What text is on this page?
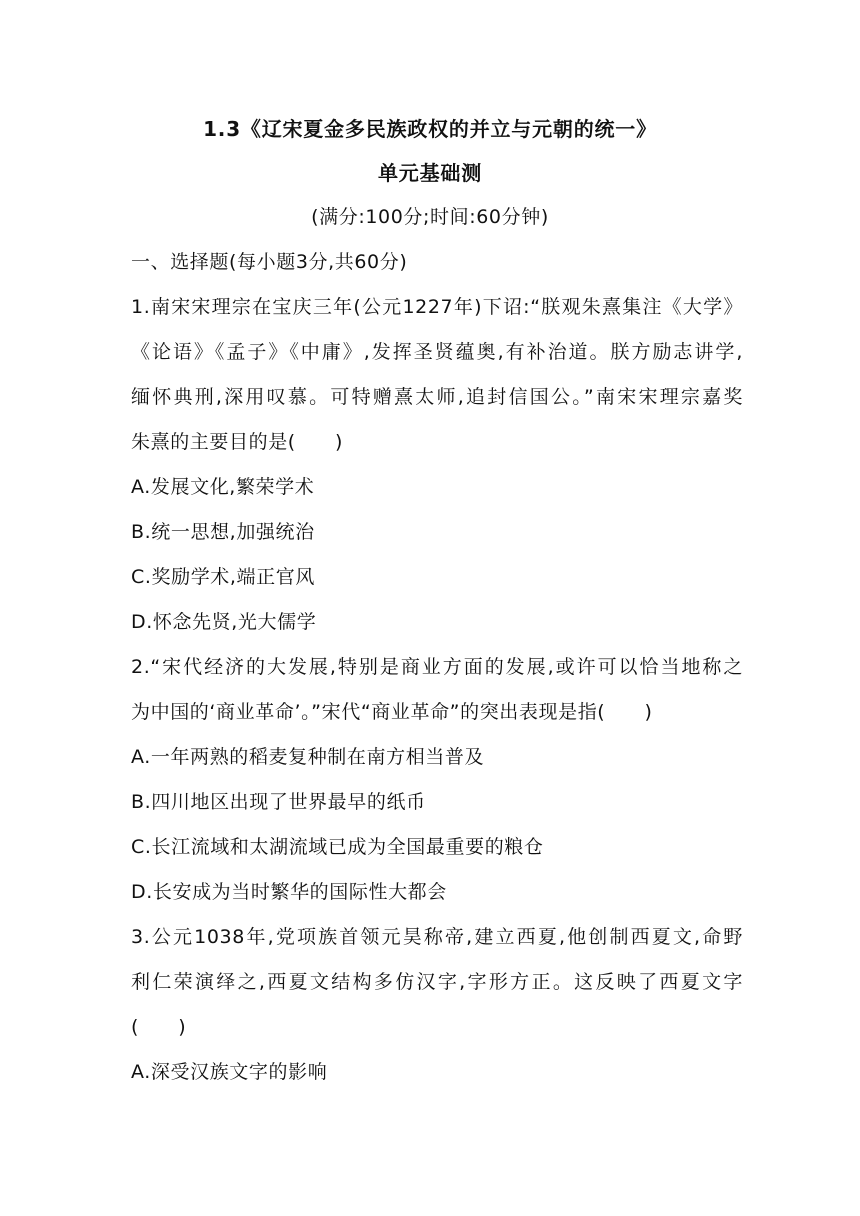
1.3《辽宋夏金多民族政权的并立与元朝的统一》
单元基础测
(满分:100分;时间:60分钟)
一、选择题(每小题3分,共60分)
1.南宋宋理宗在宝庆三年(公元1227年)下诏:“朕观朱熹集注《大学》
《论语》《孟子》《中庸》,发挥圣贤蕴奥,有补治道。朕方励志讲学,
缅怀典刑,深用叹慕。可特赠熹太师,追封信国公。”南宋宋理宗嘉奖
朱熹的主要目的是(　　)
A.发展文化,繁荣学术
B.统一思想,加强统治
C.奖励学术,端正官风
D.怀念先贤,光大儒学
2.“宋代经济的大发展,特别是商业方面的发展,或许可以恰当地称之
为中国的‘商业革命’。”宋代“商业革命”的突出表现是指(　　)
A.一年两熟的稻麦复种制在南方相当普及
B.四川地区出现了世界最早的纸币
C.长江流域和太湖流域已成为全国最重要的粮仓
D.长安成为当时繁华的国际性大都会
3.公元1038年,党项族首领元昊称帝,建立西夏,他创制西夏文,命野
利仁荣演绎之,西夏文结构多仿汉字,字形方正。这反映了西夏文字
(　　)
A.深受汉族文字的影响
